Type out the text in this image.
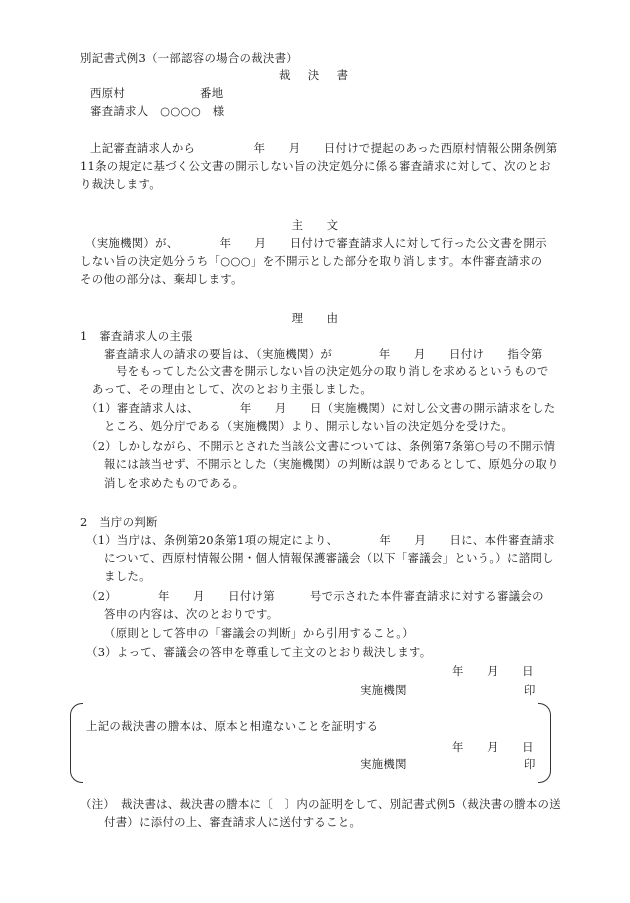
別記書式例3（一部認容の場合の裁決書）
裁　決　書
西原村	番地
審査請求人　○○○○　様
上記審査請求人から　　　　　年　　月　　日付けで提起のあった西原村情報公開条例第
11条の規定に基づく公文書の開示しない旨の決定処分に係る審査請求に対して、次のとお
り裁決します。
主　　文
（実施機関）が、　　　　年　　月　　日付けで審査請求人に対して行った公文書を開示
しない旨の決定処分うち「○○○」を不開示とした部分を取り消します。本件審査請求の
その他の部分は、棄却します。
理　　由
1　審査請求人の主張
審査請求人の請求の要旨は、（実施機関）が　　　　年　　月　　日付け　　指令第
号をもってした公文書を開示しない旨の決定処分の取り消しを求めるというもので
あって、その理由として、次のとおり主張しました。
（1）審査請求人は、　　　　年　　月　　日（実施機関）に対し公文書の開示請求をした
ところ、処分庁である（実施機関）より、開示しない旨の決定処分を受けた。
（2）しかしながら、不開示とされた当該公文書については、条例第7条第○号の不開示情
報には該当せず、不開示とした（実施機関）の判断は誤りであるとして、原処分の取り
消しを求めたものである。
2　当庁の判断
（1）当庁は、条例第20条第1項の規定により、　　　　年　　月　　日に、本件審査請求
について、西原村情報公開・個人情報保護審議会（以下「審議会」という。）に諮問し
ました。
（2）　　　　年　　月　　日付け第　　　号で示された本件審査請求に対する審議会の
答申の内容は、次のとおりです。
（原則として答申の「審議会の判断」から引用すること。）
（3）よって、審議会の答申を尊重して主文のとおり裁決します。
年　　月　　日
実施機関	印
上記の裁決書の謄本は、原本と相違ないことを証明する
年　　月　　日
実施機関	印
（注）　裁決書は、裁決書の謄本に〔　〕内の証明をして、別記書式例5（裁決書の謄本の送
付書）に添付の上、審査請求人に送付すること。
